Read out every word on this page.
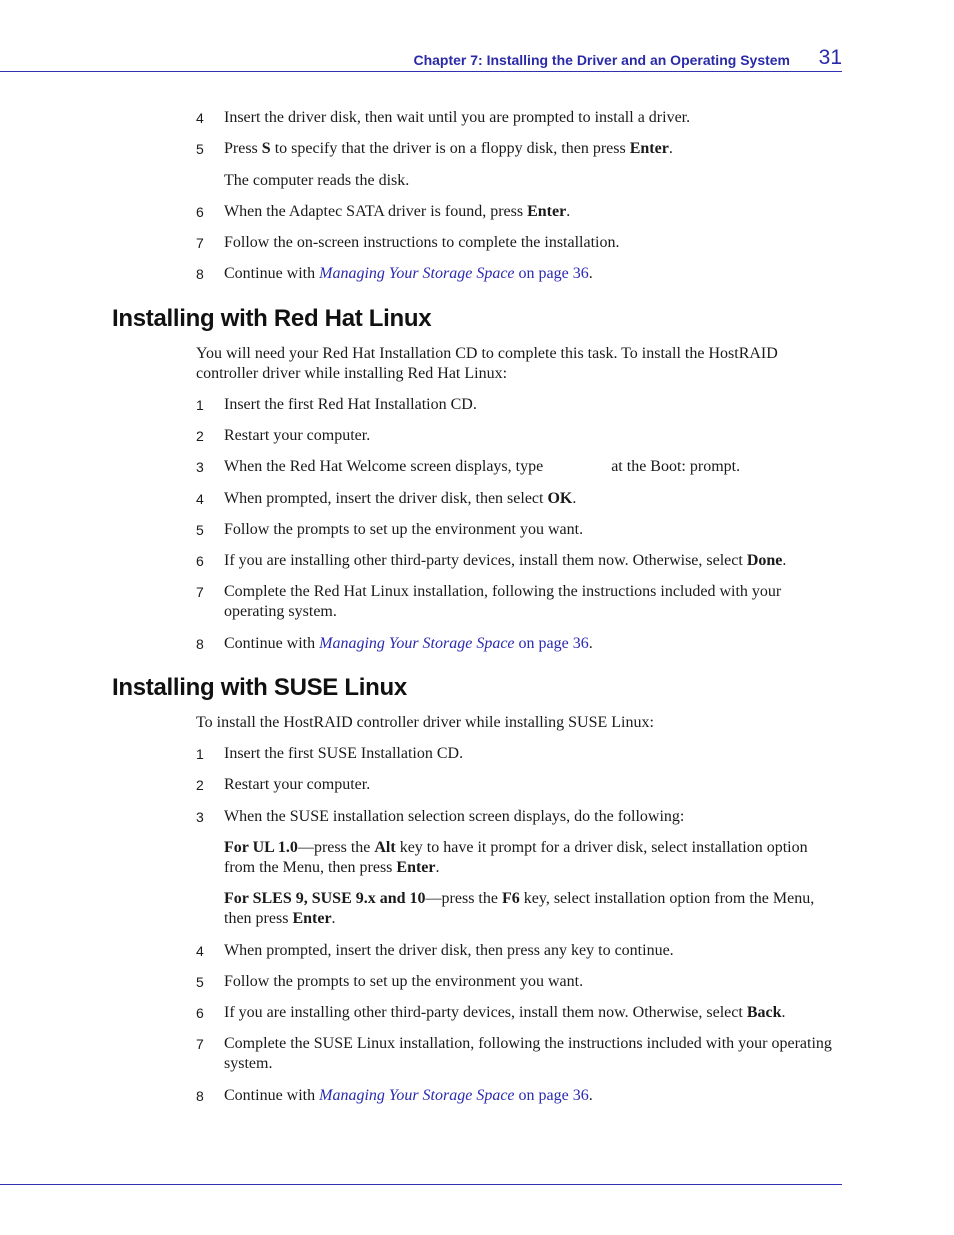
Chapter 7: Installing the Driver and an Operating System 31
4 Insert the driver disk, then wait until you are prompted to install a driver.
5 Press S to specify that the driver is on a floppy disk, then press Enter.
The computer reads the disk.
6 When the Adaptec SATA driver is found, press Enter.
7 Follow the on-screen instructions to complete the installation.
8 Continue with Managing Your Storage Space on page 36.
Installing with Red Hat Linux
You will need your Red Hat Installation CD to complete this task. To install the HostRAID controller driver while installing Red Hat Linux:
1 Insert the first Red Hat Installation CD.
2 Restart your computer.
3 When the Red Hat Welcome screen displays, type	at the Boot: prompt.
4 When prompted, insert the driver disk, then select OK.
5 Follow the prompts to set up the environment you want.
6 If you are installing other third-party devices, install them now. Otherwise, select Done.
7 Complete the Red Hat Linux installation, following the instructions included with your operating system.
8 Continue with Managing Your Storage Space on page 36.
Installing with SUSE Linux
To install the HostRAID controller driver while installing SUSE Linux:
1 Insert the first SUSE Installation CD.
2 Restart your computer.
3 When the SUSE installation selection screen displays, do the following:
For UL 1.0—press the Alt key to have it prompt for a driver disk, select installation option from the Menu, then press Enter.
For SLES 9, SUSE 9.x and 10—press the F6 key, select installation option from the Menu, then press Enter.
4 When prompted, insert the driver disk, then press any key to continue.
5 Follow the prompts to set up the environment you want.
6 If you are installing other third-party devices, install them now. Otherwise, select Back.
7 Complete the SUSE Linux installation, following the instructions included with your operating system.
8 Continue with Managing Your Storage Space on page 36.
